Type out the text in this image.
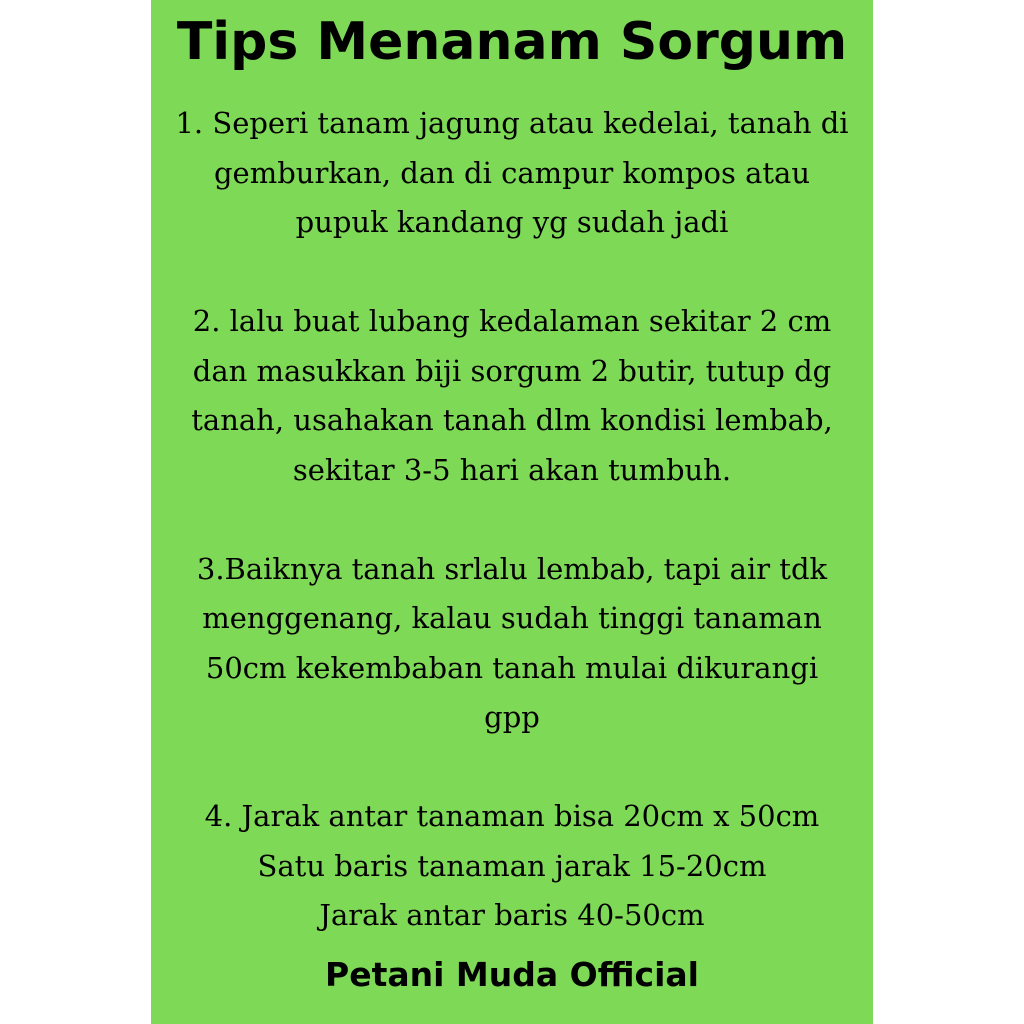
Tips Menanam Sorgum
1. Seperi tanam jagung atau kedelai, tanah di
gemburkan, dan di campur kompos atau
pupuk kandang yg sudah jadi
2. lalu buat lubang kedalaman sekitar 2 cm
dan masukkan biji sorgum 2 butir, tutup dg
tanah, usahakan tanah dlm kondisi lembab,
sekitar 3-5 hari akan tumbuh.
3.Baiknya tanah srlalu lembab, tapi air tdk
menggenang, kalau sudah tinggi tanaman
50cm kekembaban tanah mulai dikurangi
gpp
4. Jarak antar tanaman bisa 20cm x 50cm
Satu baris tanaman jarak 15-20cm
Jarak antar baris 40-50cm

Petani Muda Official
